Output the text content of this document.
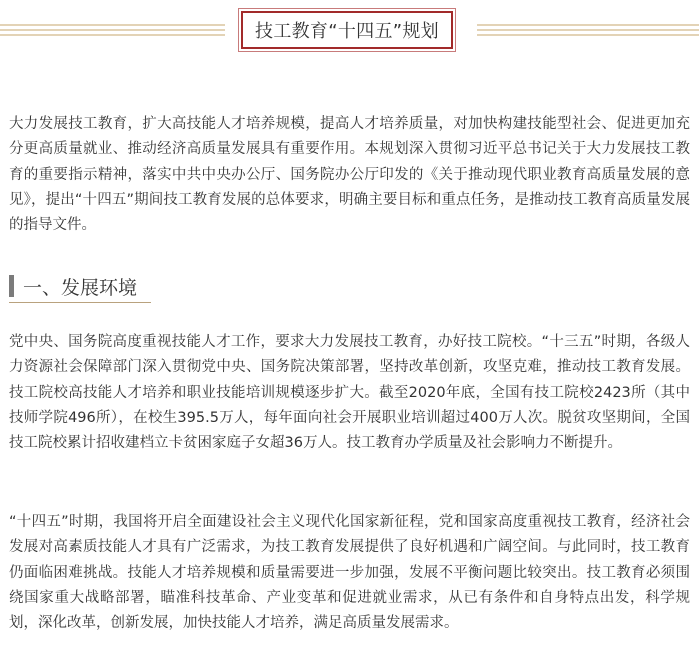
技工教育“十四五”规划

大力发展技工教育，扩大高技能人才培养规模，提高人才培养质量，对加快构建技能型社会、促进更加充分更高质量就业、推动经济高质量发展具有重要作用。本规划深入贯彻习近平总书记关于大力发展技工教育的重要指示精神，落实中共中央办公厅、国务院办公厅印发的《关于推动现代职业教育高质量发展的意见》，提出“十四五”期间技工教育发展的总体要求，明确主要目标和重点任务，是推动技工教育高质量发展的指导文件。

一、发展环境

党中央、国务院高度重视技能人才工作，要求大力发展技工教育，办好技工院校。“十三五”时期，各级人力资源社会保障部门深入贯彻党中央、国务院决策部署，坚持改革创新，攻坚克难，推动技工教育发展。技工院校高技能人才培养和职业技能培训规模逐步扩大。截至2020年底，全国有技工院校2423所（其中技师学院496所），在校生395.5万人，每年面向社会开展职业培训超过400万人次。脱贫攻坚期间，全国技工院校累计招收建档立卡贫困家庭子女超36万人。技工教育办学质量及社会影响力不断提升。

“十四五”时期，我国将开启全面建设社会主义现代化国家新征程，党和国家高度重视技工教育，经济社会发展对高素质技能人才具有广泛需求，为技工教育发展提供了良好机遇和广阔空间。与此同时，技工教育仍面临困难挑战。技能人才培养规模和质量需要进一步加强，发展不平衡问题比较突出。技工教育必须围绕国家重大战略部署，瞄准科技革命、产业变革和促进就业需求，从已有条件和自身特点出发，科学规划，深化改革，创新发展，加快技能人才培养，满足高质量发展需求。
